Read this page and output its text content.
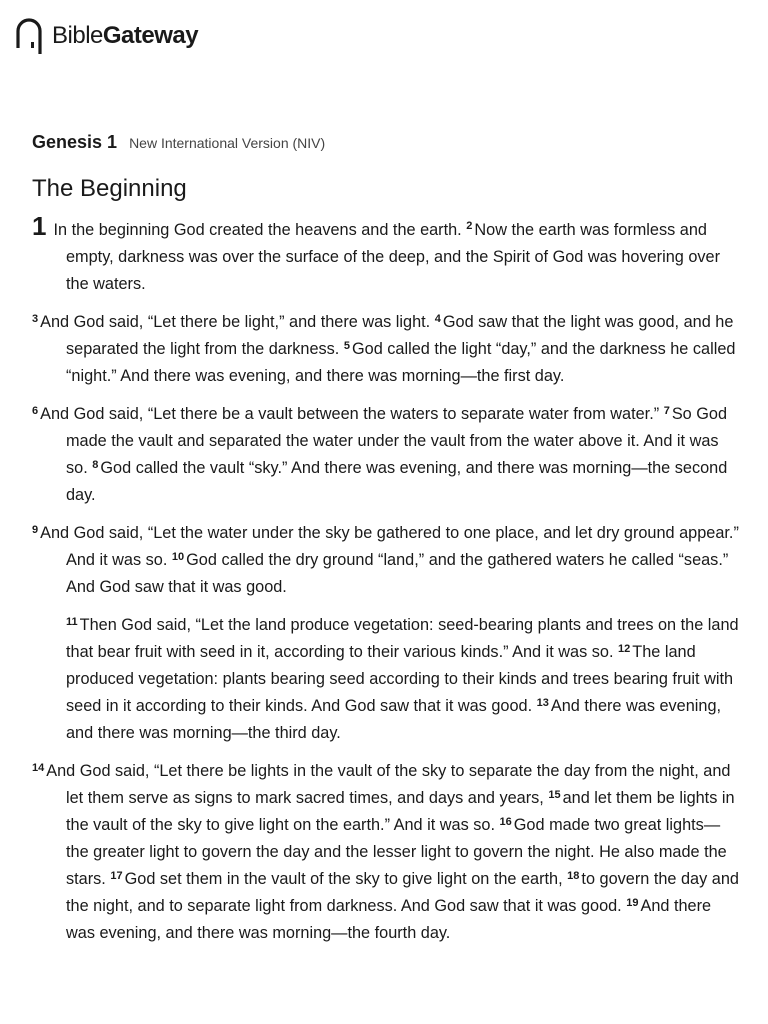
BibleGateway
Genesis 1 New International Version (NIV)
The Beginning

1 In the beginning God created the heavens and the earth. $^2$ Now the earth was formless and empty, darkness was over the surface of the deep, and the Spirit of God was hovering over the waters.

$^3$ And God said, “Let there be light,” and there was light. $^4$ God saw that the light was good, and he separated the light from the darkness. $^5$ God called the light “day,” and the darkness he called “night.” And there was evening, and there was morning—the first day.

$^6$ And God said, “Let there be a vault between the waters to separate water from water.” $^7$ So God made the vault and separated the water under the vault from the water above it. And it was so. $^8$ God called the vault “sky.” And there was evening, and there was morning—the second day.

$^9$ And God said, “Let the water under the sky be gathered to one place, and let dry ground appear.” And it was so. $^{10}$ God called the dry ground “land,” and the gathered waters he called “seas.” And God saw that it was good.

$^{11}$ Then God said, “Let the land produce vegetation: seed-bearing plants and trees on the land that bear fruit with seed in it, according to their various kinds.” And it was so. $^{12}$ The land produced vegetation: plants bearing seed according to their kinds and trees bearing fruit with seed in it according to their kinds. And God saw that it was good. $^{13}$ And there was evening, and there was morning—the third day.

$^{14}$ And God said, “Let there be lights in the vault of the sky to separate the day from the night, and let them serve as signs to mark sacred times, and days and years, $^{15}$ and let them be lights in the vault of the sky to give light on the earth.” And it was so. $^{16}$ God made two great lights—the greater light to govern the day and the lesser light to govern the night. He also made the stars. $^{17}$ God set them in the vault of the sky to give light on the earth, $^{18}$ to govern the day and the night, and to separate light from darkness. And God saw that it was good. $^{19}$ And there was evening, and there was morning—the fourth day.
